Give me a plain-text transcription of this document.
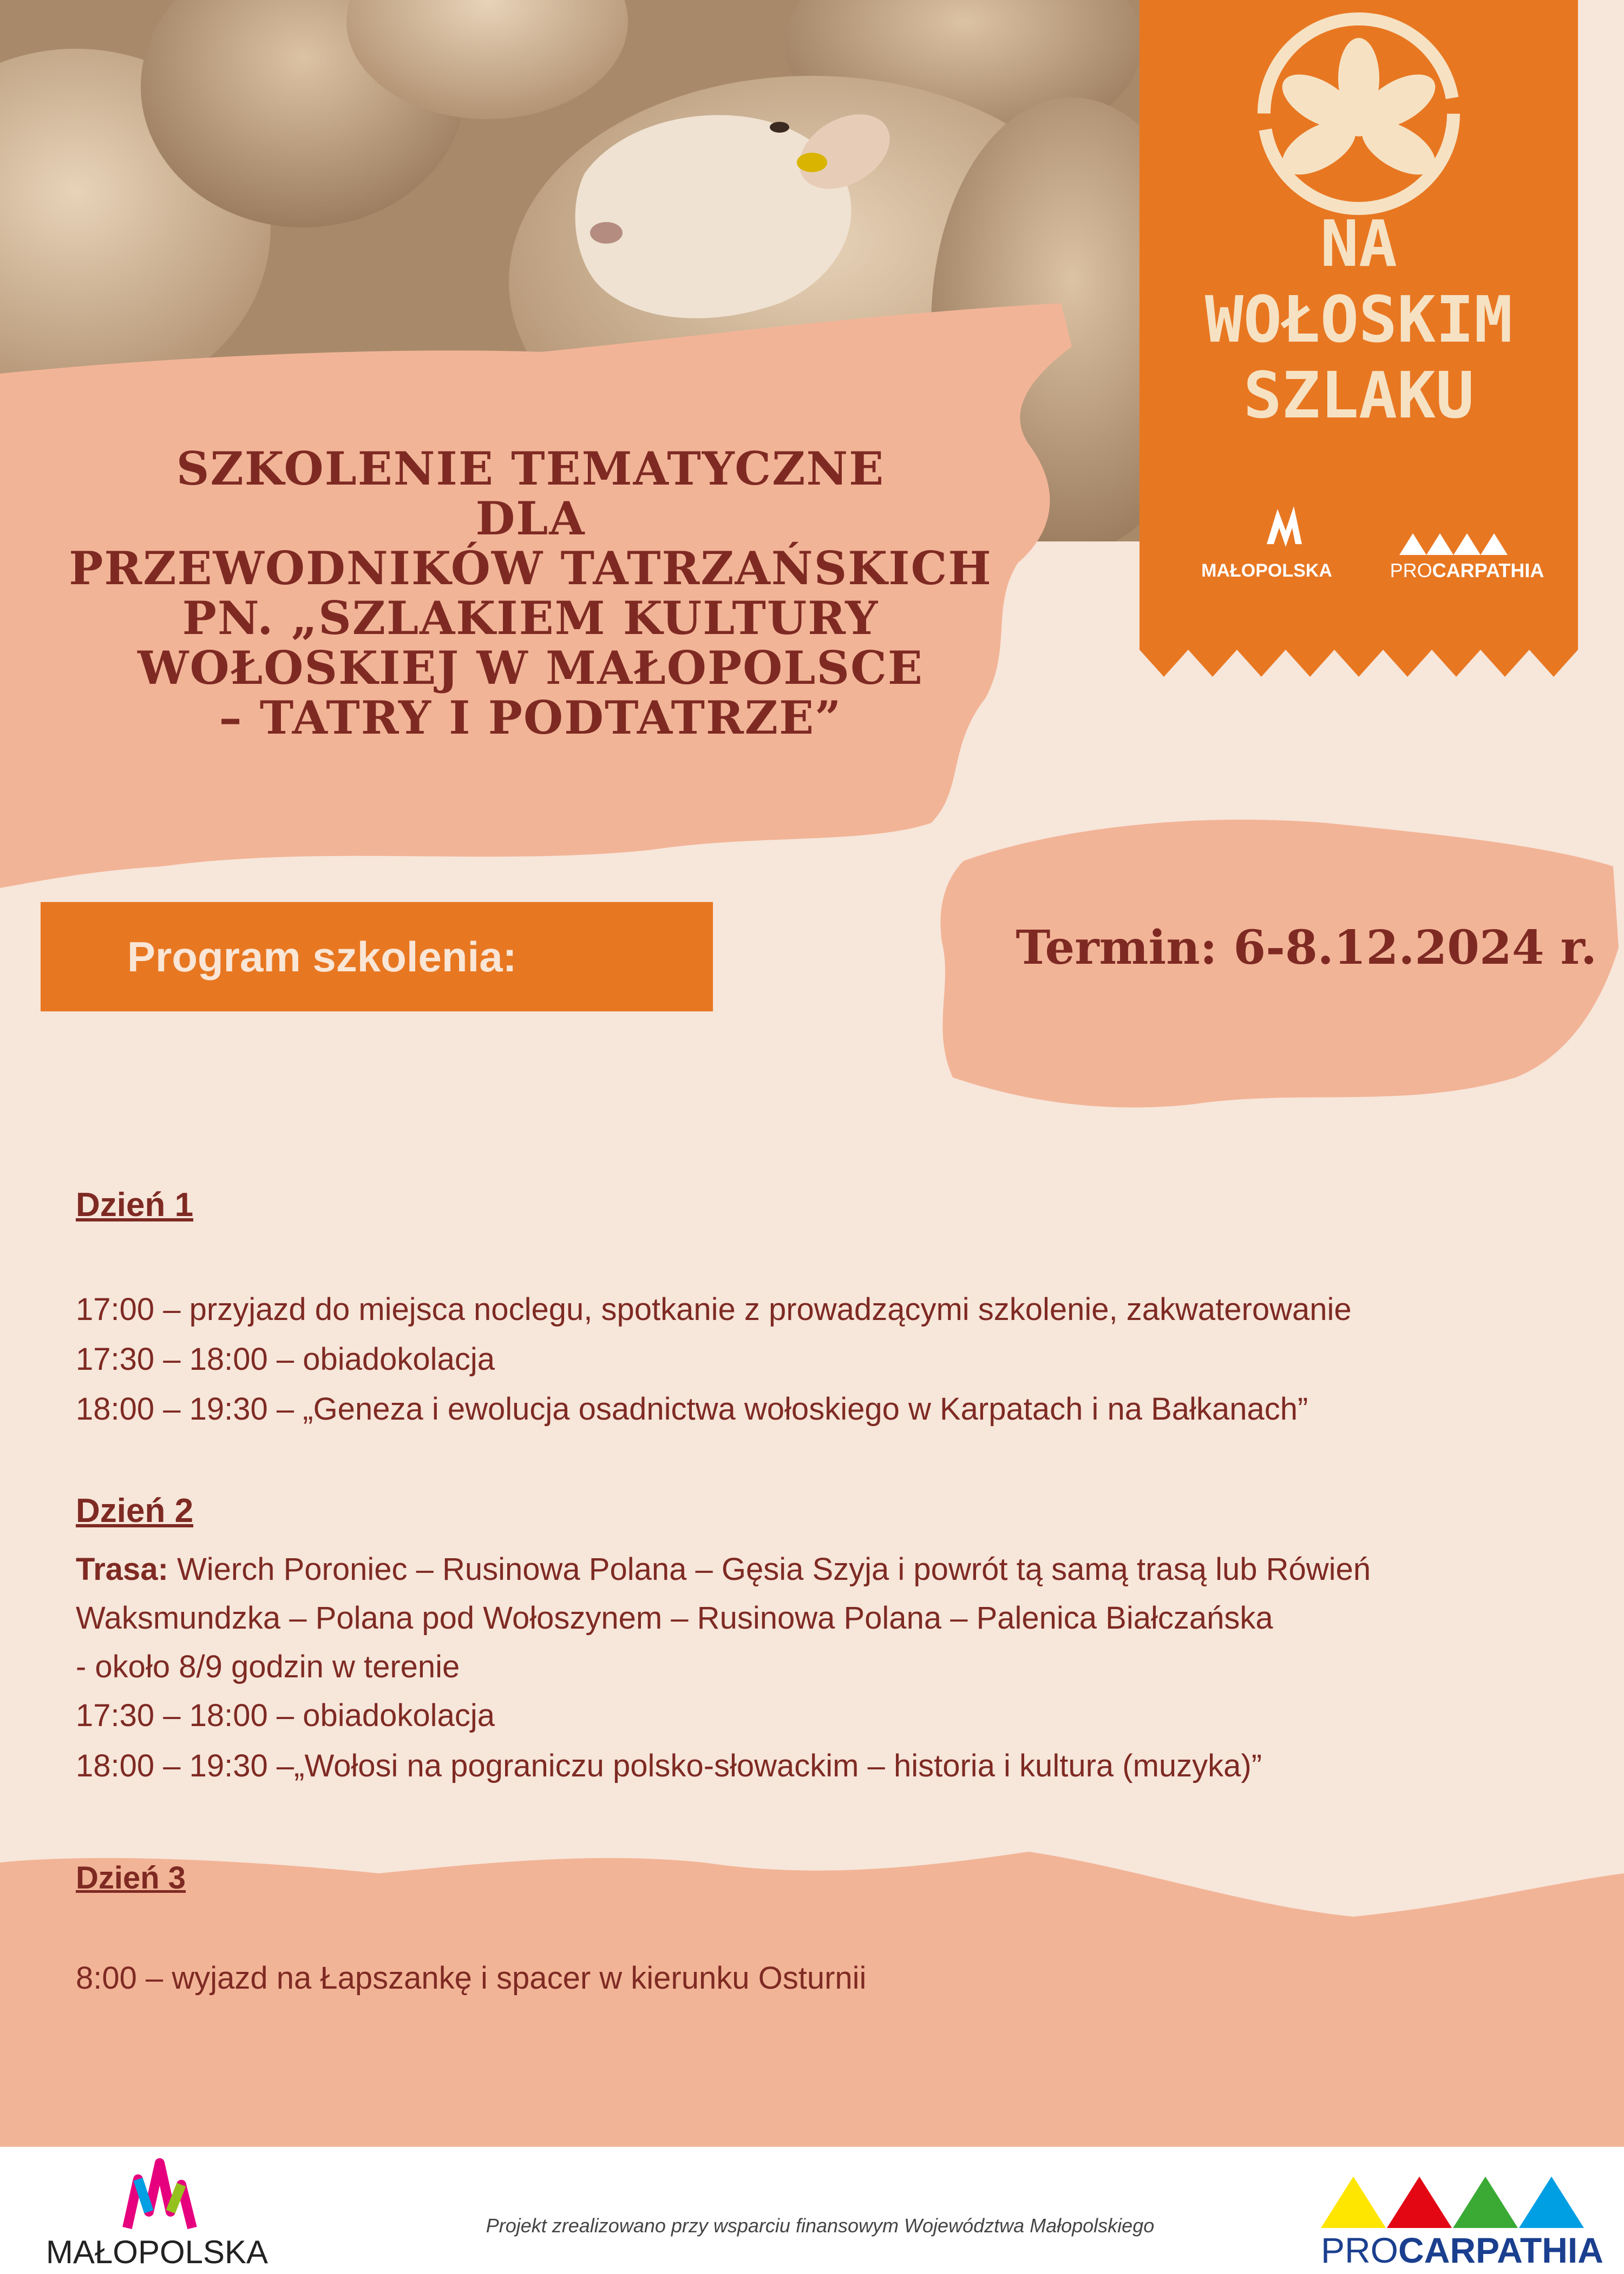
SZKOLENIE TEMATYCZNE
DLA
PRZEWODNIKÓW TATRZAŃSKICH
PN. „SZLAKIEM KULTURY
WOŁOSKIEJ W MAŁOPOLSCE
– TATRY I PODTATRZE”
NA
WOŁOSKIM
SZLAKU
MAŁOPOLSKA	PROCARPATHIA
Program szkolenia:	Termin: 6-8.12.2024 r.
Dzień 1
17:00 – przyjazd do miejsca noclegu, spotkanie z prowadzącymi szkolenie, zakwaterowanie
17:30 – 18:00 – obiadokolacja
18:00 – 19:30 – „Geneza i ewolucja osadnictwa wołoskiego w Karpatach i na Bałkanach”
Dzień 2
Trasa: Wierch Poroniec – Rusinowa Polana – Gęsia Szyja i powrót tą samą trasą lub Rówień
Waksmundzka – Polana pod Wołoszynem – Rusinowa Polana – Palenica Białczańska
- około 8/9 godzin w terenie
17:30 – 18:00 – obiadokolacja
18:00 – 19:30 –„Wołosi na pograniczu polsko-słowackim – historia i kultura (muzyka)”
Dzień 3
8:00 – wyjazd na Łapszankę i spacer w kierunku Osturnii
MAŁOPOLSKA
Projekt zrealizowano przy wsparciu finansowym Województwa Małopolskiego
PROCARPATHIA
